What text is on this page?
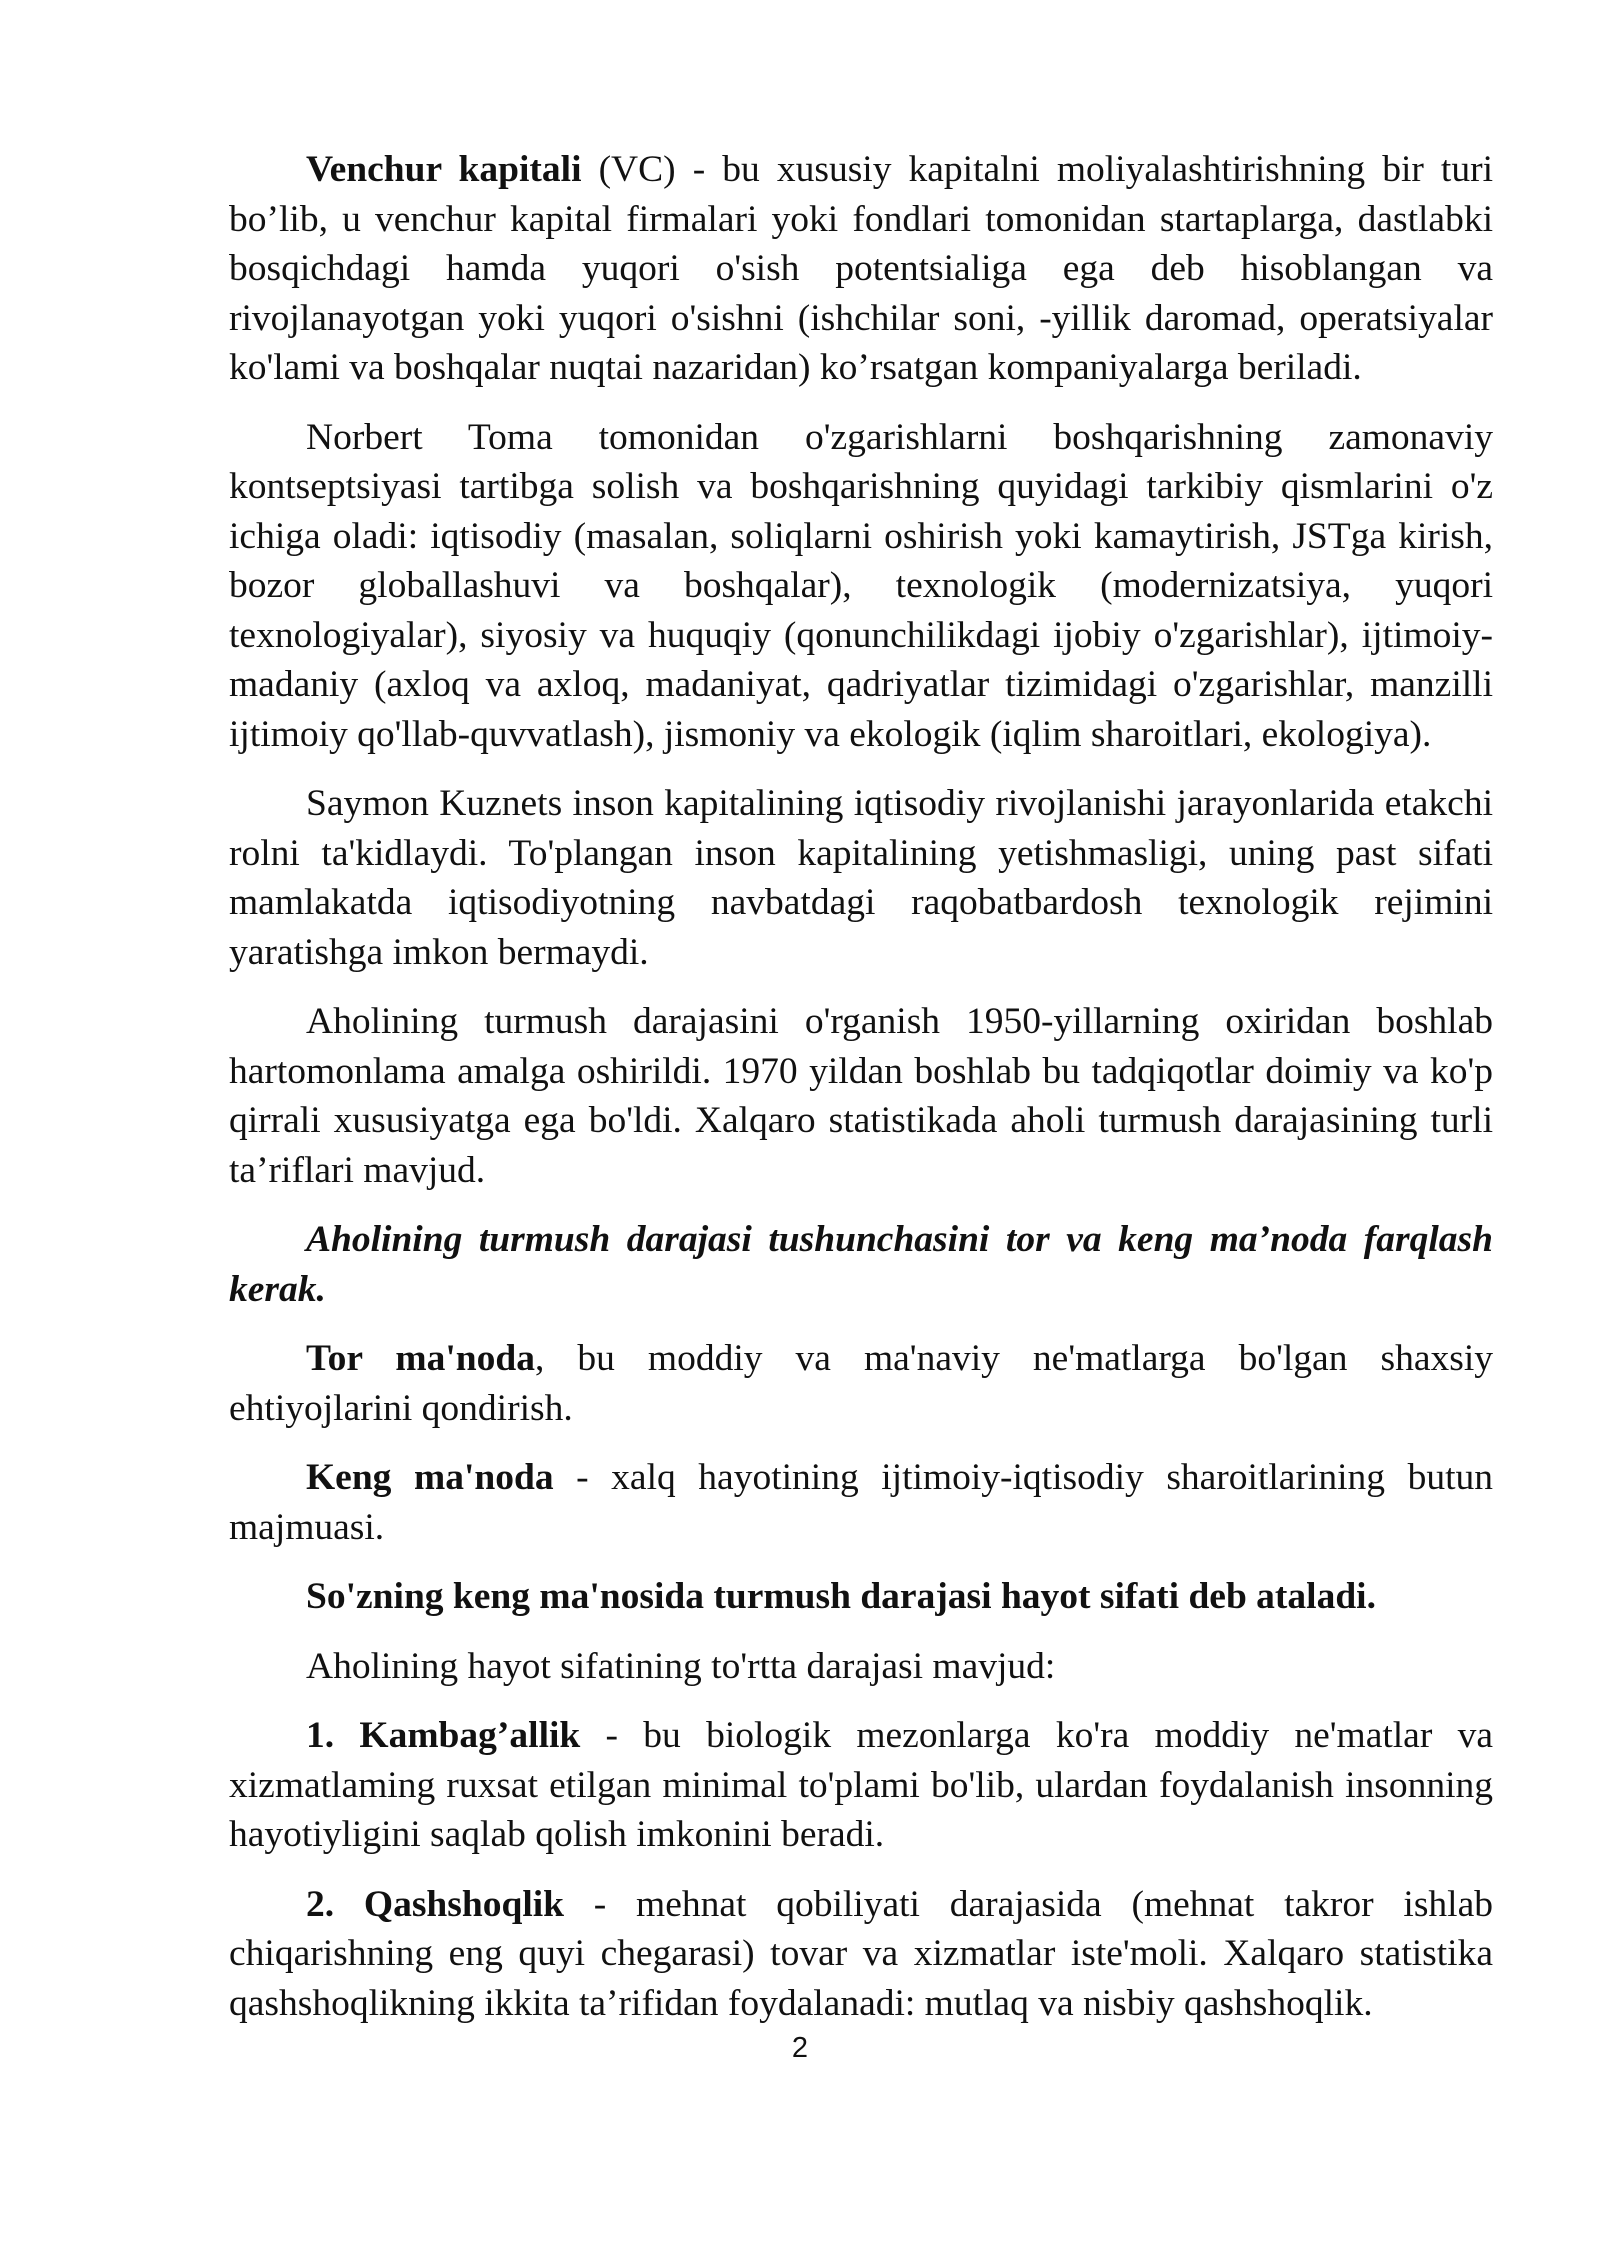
Venchur kapitali (VC) - bu xususiy kapitalni moliyalashtirishning bir turi bo’lib, u venchur kapital firmalari yoki fondlari tomonidan startaplarga, dastlabki bosqichdagi hamda yuqori o'sish potentsialiga ega deb hisoblangan va rivojlanayotgan yoki yuqori o'sishni (ishchilar soni, -yillik daromad, operatsiyalar ko'lami va boshqalar nuqtai nazaridan) ko’rsatgan kompaniyalarga beriladi.

Norbert Toma tomonidan o'zgarishlarni boshqarishning zamonaviy kontseptsiyasi tartibga solish va boshqarishning quyidagi tarkibiy qismlarini o'z ichiga oladi: iqtisodiy (masalan, soliqlarni oshirish yoki kamaytirish, JSTga kirish, bozor globallashuvi va boshqalar), texnologik (modernizatsiya, yuqori texnologiyalar), siyosiy va huquqiy (qonunchilikdagi ijobiy o'zgarishlar), ijtimoiy-madaniy (axloq va axloq, madaniyat, qadriyatlar tizimidagi o'zgarishlar, manzilli ijtimoiy qo'llab-quvvatlash), jismoniy va ekologik (iqlim sharoitlari, ekologiya).

Saymon Kuznets inson kapitalining iqtisodiy rivojlanishi jarayonlarida etakchi rolni ta'kidlaydi. To'plangan inson kapitalining yetishmasligi, uning past sifati mamlakatda iqtisodiyotning navbatdagi raqobatbardosh texnologik rejimini yaratishga imkon bermaydi.

Aholining turmush darajasini o'rganish 1950-yillarning oxiridan boshlab hartomonlama amalga oshirildi. 1970 yildan boshlab bu tadqiqotlar doimiy va ko'p qirrali xususiyatga ega bo'ldi. Xalqaro statistikada aholi turmush darajasining turli ta’riflari mavjud.

Aholining turmush darajasi tushunchasini tor va keng ma’noda farqlash kerak.

Tor ma'noda, bu moddiy va ma'naviy ne'matlarga bo'lgan shaxsiy ehtiyojlarini qondirish.

Keng ma'noda - xalq hayotining ijtimoiy-iqtisodiy sharoitlarining butun majmuasi.

So'zning keng ma'nosida turmush darajasi hayot sifati deb ataladi.

Aholining hayot sifatining to'rtta darajasi mavjud:

1. Kambag’allik - bu biologik mezonlarga ko'ra moddiy ne'matlar va xizmatlaming ruxsat etilgan minimal to'plami bo'lib, ulardan foydalanish insonning hayotiyligini saqlab qolish imkonini beradi.

2. Qashshoqlik - mehnat qobiliyati darajasida (mehnat takror ishlab chiqarishning eng quyi chegarasi) tovar va xizmatlar iste'moli. Xalqaro statistika qashshoqlikning ikkita ta’rifidan foydalanadi: mutlaq va nisbiy qashshoqlik.

2
